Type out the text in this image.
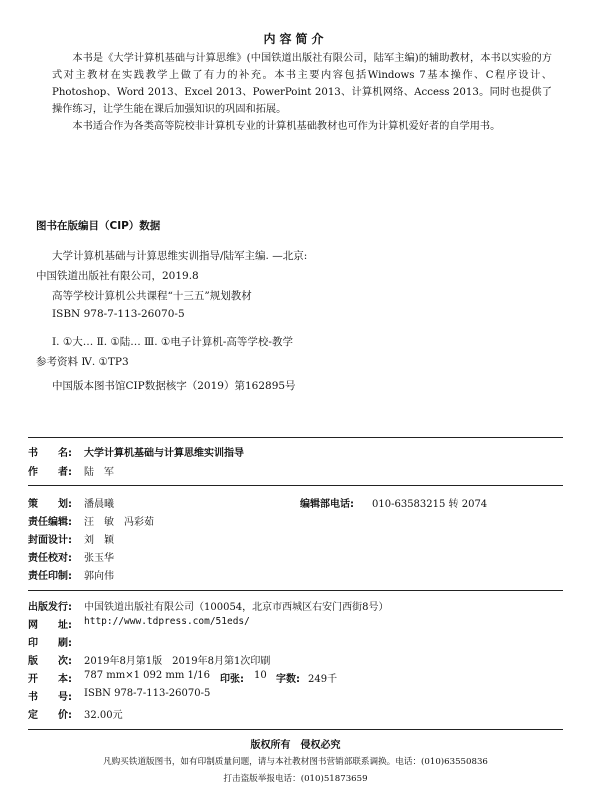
内容简介

本书是《大学计算机基础与计算思维》(中国铁道出版社有限公司，陆军主编)的辅助教材，本书以实验的方式对主教材在实践教学上做了有力的补充。本书主要内容包括Windows 7基本操作、C程序设计、Photoshop、Word 2013、Excel 2013、PowerPoint 2013、计算机网络、Access 2013。同时也提供了操作练习，让学生能在课后加强知识的巩固和拓展。

本书适合作为各类高等院校非计算机专业的计算机基础教材也可作为计算机爱好者的自学用书。

图书在版编目（CIP）数据
大学计算机基础与计算思维实训指导/陆军主编. —北京:
中国铁道出版社有限公司，2019.8
高等学校计算机公共课程“十三五”规划教材
ISBN 978-7-113-26070-5
Ⅰ. ①大… Ⅱ. ①陆… Ⅲ. ①电子计算机-高等学校-教学
参考资料 Ⅳ. ①TP3
中国版本图书馆CIP数据核字（2019）第162895号
书　　名: 大学计算机基础与计算思维实训指导
作　　者: 陆　军
策　　划: 潘晨曦	编辑部电话: 010-63583215 转 2074
责任编辑: 汪　敏　冯彩茹
封面设计: 刘　颖
责任校对: 张玉华
责任印制: 郭向伟
出版发行: 中国铁道出版社有限公司（100054，北京市西城区右安门西街8号）
网　　址: http://www.tdpress.com/51eds/
印　　刷:
版　　次: 2019年8月第1版　2019年8月第1次印刷
开　　本: 787 mm×1 092 mm 1/16 印张: 10 字数: 249千
书　　号: ISBN 978-7-113-26070-5
定　　价: 32.00元
版权所有　侵权必究
凡购买铁道版图书，如有印制质量问题，请与本社教材图书营销部联系调换。电话：(010)63550836
打击盗版举报电话：(010)51873659
